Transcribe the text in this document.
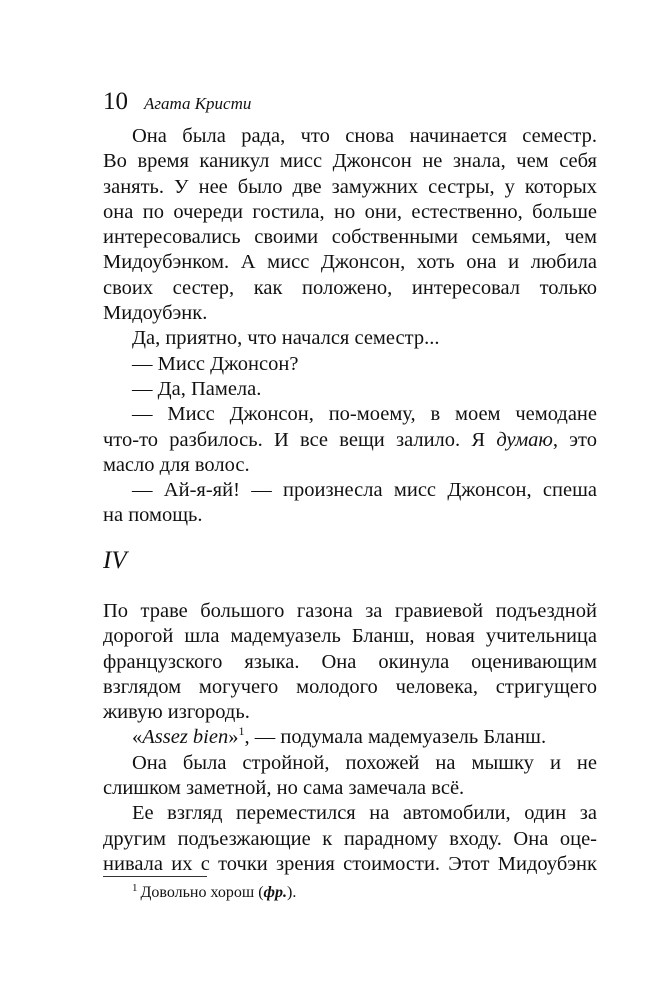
10 Агата Кристи
Она была рада, что снова начинается семестр.
Во время каникул мисс Джонсон не знала, чем себя
занять. У нее было две замужних сестры, у которых
она по очереди гостила, но они, естественно, больше
интересовались своими собственными семьями, чем
Мидоубэнком. А мисс Джонсон, хоть она и любила
своих сестер, как положено, интересовал только
Мидоубэнк.
Да, приятно, что начался семестр...
— Мисс Джонсон?
— Да, Памела.
— Мисс Джонсон, по-моему, в моем чемодане
что-то разбилось. И все вещи залило. Я думаю, это
масло для волос.
— Ай-я-яй! — произнесла мисс Джонсон, спеша
на помощь.
IV
По траве большого газона за гравиевой подъездной
дорогой шла мадемуазель Бланш, новая учительница
французского языка. Она окинула оценивающим
взглядом могучего молодого человека, стригущего
живую изгородь.
«Assez bien»$^1$, — подумала мадемуазель Бланш.
Она была стройной, похожей на мышку и не
слишком заметной, но сама замечала всё.
Ее взгляд переместился на автомобили, один за
другим подъезжающие к парадному входу. Она оце-
нивала их с точки зрения стоимости. Этот Мидоубэнк
$^1$ Довольно хорош (фр.).
